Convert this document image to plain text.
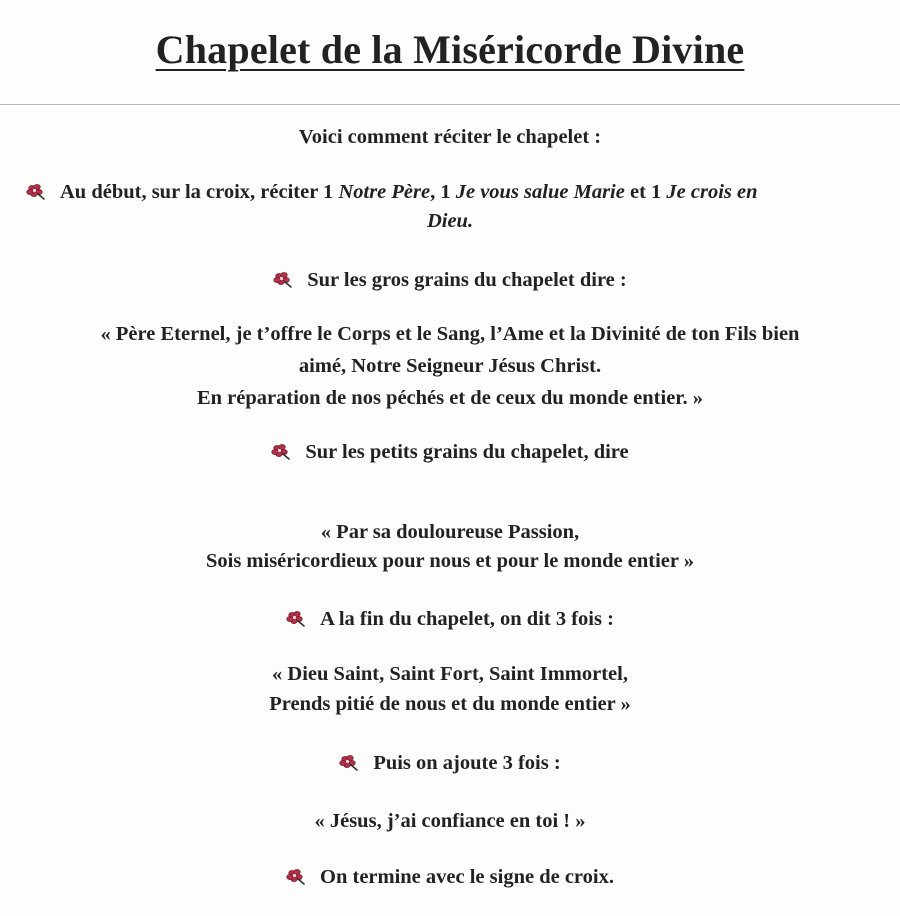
Chapelet de la Miséricorde Divine
Voici comment réciter le chapelet :
Au début, sur la croix, réciter 1 Notre Père, 1 Je vous salue Marie et 1 Je crois en
Dieu.
Sur les gros grains du chapelet dire :
« Père Eternel, je t’offre le Corps et le Sang, l’Ame et la Divinité de ton Fils bien
aimé, Notre Seigneur Jésus Christ.
En réparation de nos péchés et de ceux du monde entier. »
Sur les petits grains du chapelet, dire
« Par sa douloureuse Passion,
Sois miséricordieux pour nous et pour le monde entier »
A la fin du chapelet, on dit 3 fois :
« Dieu Saint, Saint Fort, Saint Immortel,
Prends pitié de nous et du monde entier »
Puis on ajoute 3 fois :
« Jésus, j’ai confiance en toi ! »
On termine avec le signe de croix.
